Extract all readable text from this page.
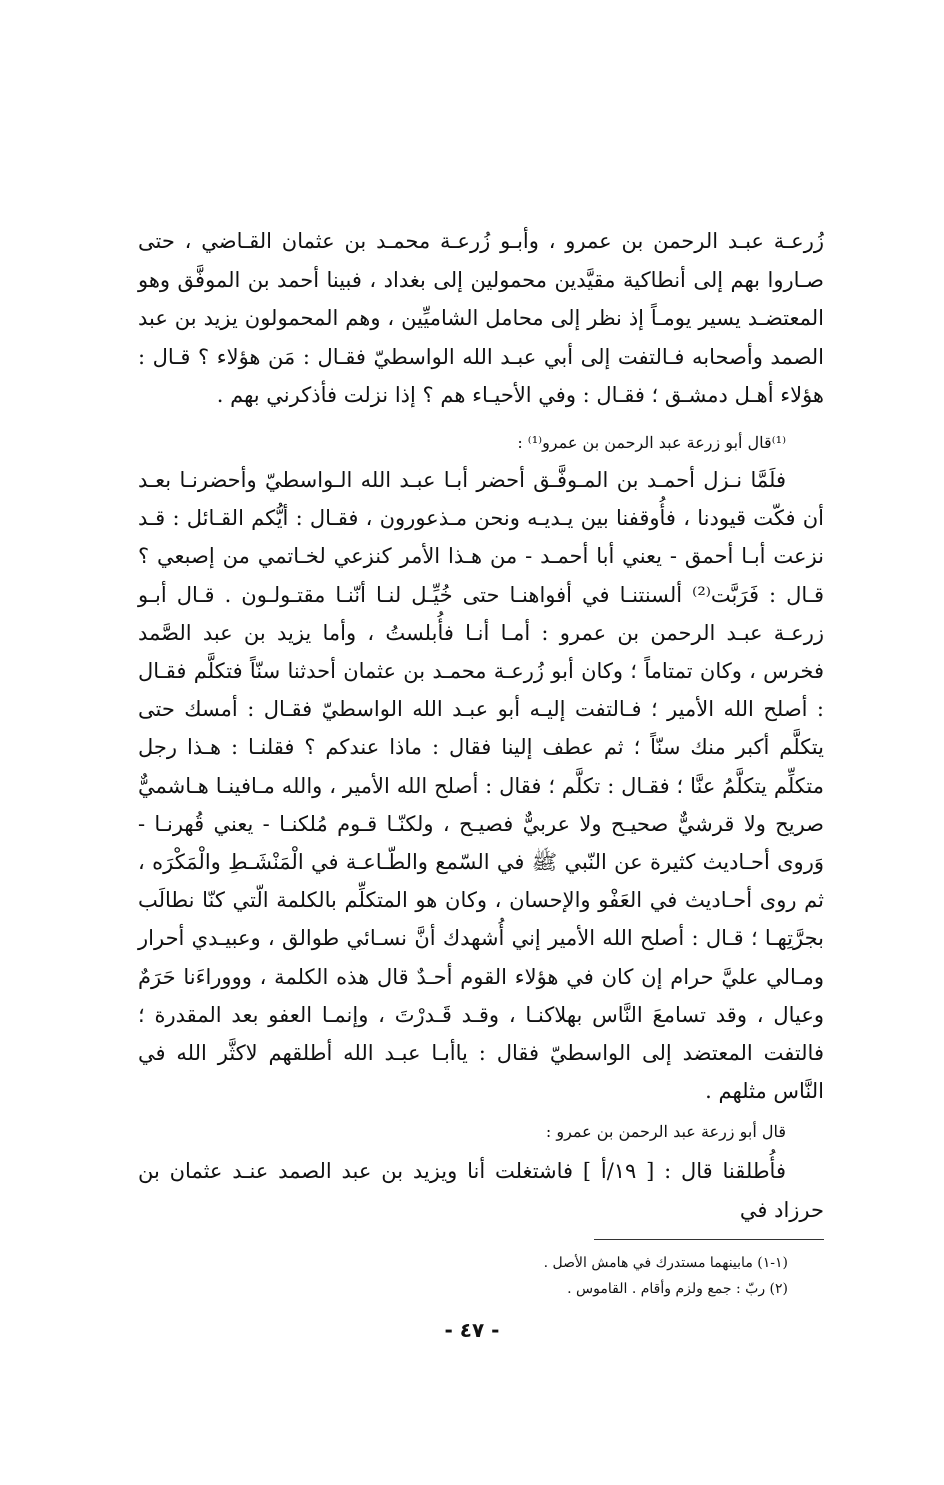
زُرعـة عبـد الرحمن بن عمرو ، وأبـو زُرعـة محمـد بن عثمان القـاضي ، حتى صـاروا بهم إلى أنطاكية مقيَّدين محمولين إلى بغداد ، فبينا أحمد بن الموفَّق وهو المعتضـد يسير يومـاً إذ نظر إلى محامل الشاميِّين ، وهم المحمولون يزيد بن عبد الصمد وأصحابه فـالتفت إلى أبي عبـد الله الواسطيّ فقـال : مَن هؤلاء ؟ قـال : هؤلاء أهـل دمشـق ؛ فقـال : وفي الأحيـاء هم ؟ إذا نزلت فأذكرني بهم .

⁽¹⁾قال أبو زرعة عبد الرحمن بن عمرو⁽¹⁾ :

فلَمَّا نـزل أحمـد بن المـوفَّـق أحضر أبـا عبـد الله الـواسطيّ وأحضرنـا بعـد أن فكّت قيودنا ، فأُوقفنا بين يـديـه ونحن مـذعورون ، فقـال : أيُّكم القـائل : قـد نزعت أبـا أحمق - يعني أبا أحمـد - من هـذا الأمر كنزعي لخـاتمي من إصبعي ؟ قـال : فَرَبَّت⁽²⁾ ألسنتنـا في أفواهنـا حتى خُيِّـل لنـا أنّنـا مقتـولـون . قـال أبـو زرعـة عبـد الرحمن بن عمرو : أمـا أنـا فأُبلستُ ، وأما يزيد بن عبد الصَّمد فخرس ، وكان تمتاماً ؛ وكان أبو زُرعـة محمـد بن عثمان أحدثنا سنّاً فتكلَّم فقـال : أصلح الله الأمير ؛ فـالتفت إليـه أبو عبـد الله الواسطيّ فقـال : أمسك حتى يتكلَّم أكبر منك سنّاً ؛ ثم عطف إلينا فقال : ماذا عندكم ؟ فقلنـا : هـذا رجل متكلِّم يتكلَّمُ عنَّا ؛ فقـال : تكلَّم ؛ فقال : أصلح الله الأمير ، والله مـافينـا هـاشميٌّ صريح ولا قرشيٌّ صحيـح ولا عربيٌّ فصيـح ، ولكنّـا قـوم مُلكنـا - يعني قُهرنـا - وَروى أحـاديث كثيرة عن النّبي ﷺ في السّمع والطّـاعـة في الْمَنْشَـطِ والْمَكْرَه ، ثم روى أحـاديث في العَفْو والإحسان ، وكان هو المتكلِّم بالكلمة الّتي كنّا نطالَب بجرَّتِهـا ؛ قـال : أصلح الله الأمير إني أُشهدك أنَّ نسـائي طوالق ، وعبيـدي أحرار ومـالي عليَّ حرام إن كان في هؤلاء القوم أحـدٌ قال هذه الكلمة ، وووراءَنا حَرَمٌ وعيال ، وقد تسامعَ النَّاس بهلاكنـا ، وقـد قَـدرْتَ ، وإنمـا العفو بعد المقدرة ؛ فالتفت المعتضد إلى الواسطيّ فقال : ياأبـا عبـد الله أطلقهم لاكثَّر الله في النَّاس مثلهم .

قال أبو زرعة عبد الرحمن بن عمرو :

فأُطلقنا قال : [ ١٩/أ ] فاشتغلت أنا ويزيد بن عبد الصمد عنـد عثمان بن حرزاد في

(١-١) مابينهما مستدرك في هامش الأصل .

(٢) ربّ : جمع ولزم وأقام . القاموس .

- ٤٧ -
